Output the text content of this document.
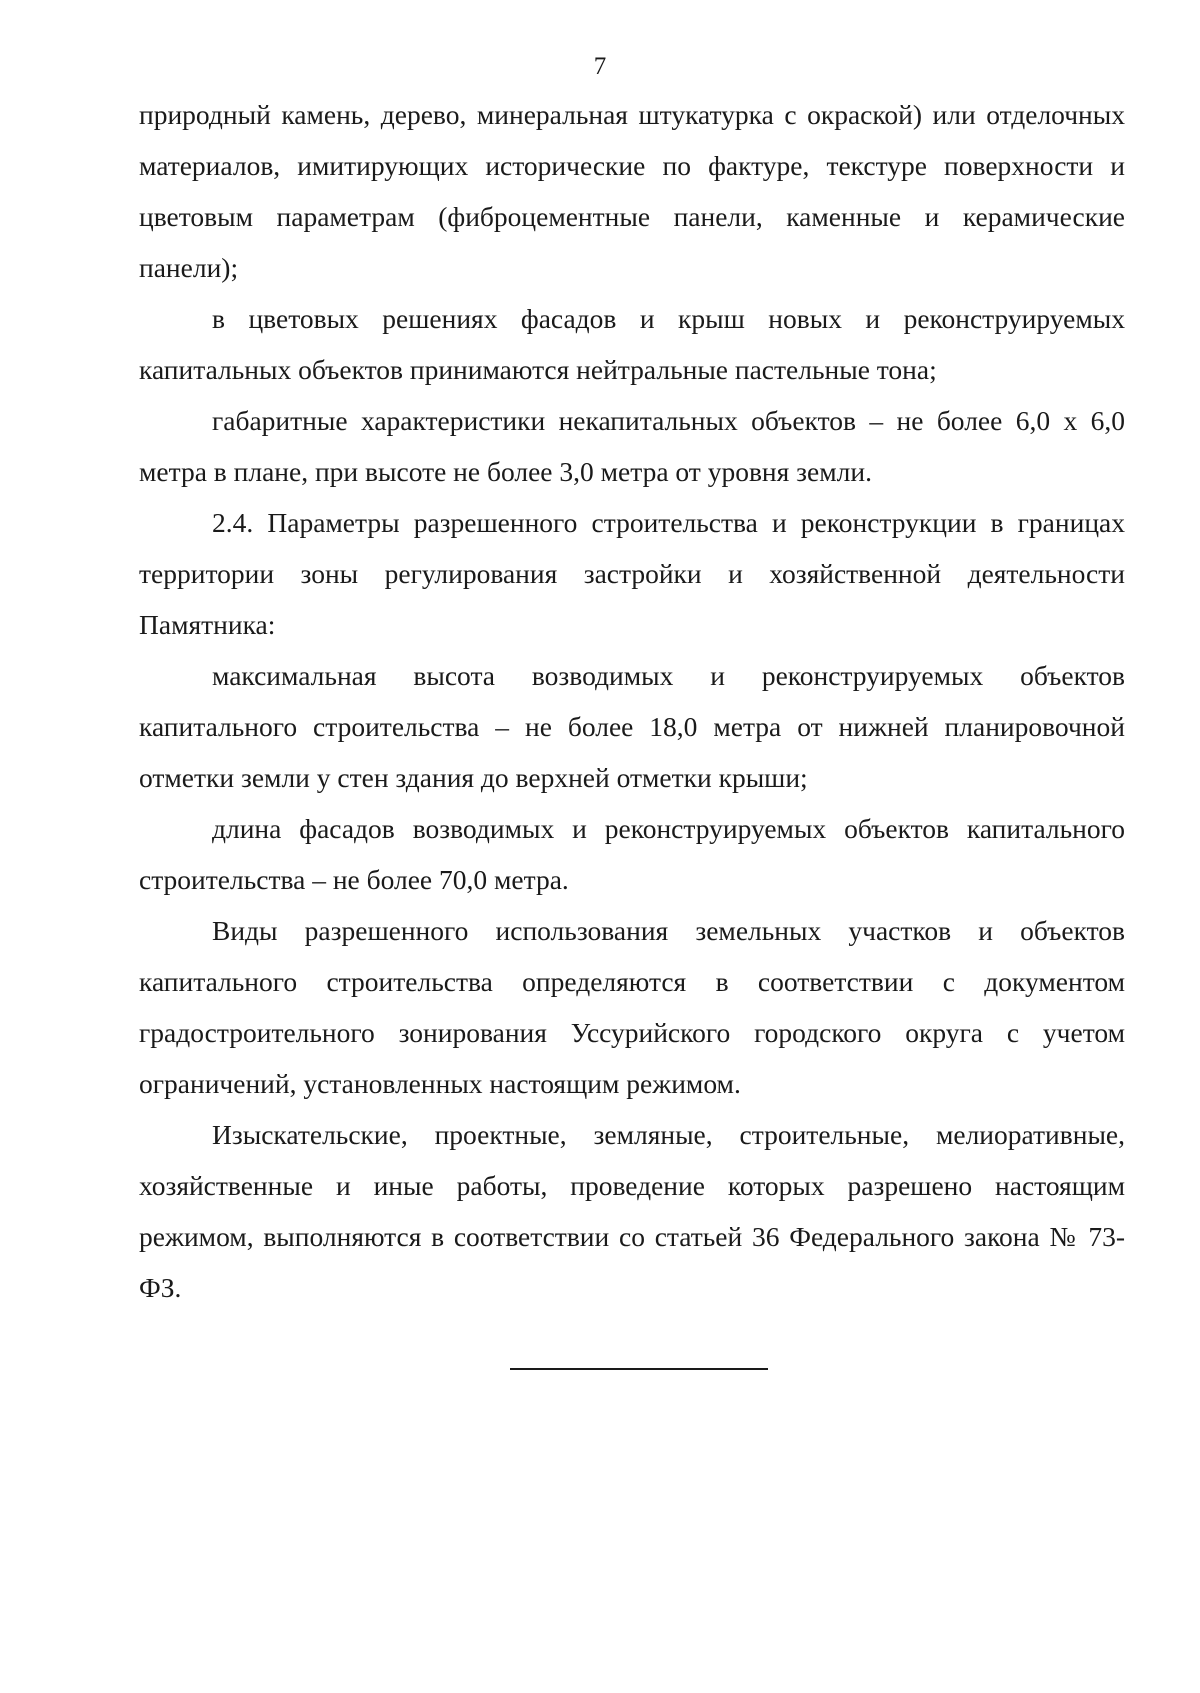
7

природный камень, дерево, минеральная штукатурка с окраской) или отделочных материалов, имитирующих исторические по фактуре, текстуре поверхности и цветовым параметрам (фиброцементные панели, каменные и керамические панели);

в цветовых решениях фасадов и крыш новых и реконструируемых капитальных объектов принимаются нейтральные пастельные тона;

габаритные характеристики некапитальных объектов – не более 6,0 х 6,0 метра в плане, при высоте не более 3,0 метра от уровня земли.

2.4. Параметры разрешенного строительства и реконструкции в границах территории зоны регулирования застройки и хозяйственной деятельности Памятника:

максимальная высота возводимых и реконструируемых объектов капитального строительства – не более 18,0 метра от нижней планировочной отметки земли у стен здания до верхней отметки крыши;

длина фасадов возводимых и реконструируемых объектов капитального строительства – не более 70,0 метра.

Виды разрешенного использования земельных участков и объектов капитального строительства определяются в соответствии с документом градостроительного зонирования Уссурийского городского округа с учетом ограничений, установленных настоящим режимом.

Изыскательские, проектные, земляные, строительные, мелиоративные, хозяйственные и иные работы, проведение которых разрешено настоящим режимом, выполняются в соответствии со статьей 36 Федерального закона № 73-ФЗ.
